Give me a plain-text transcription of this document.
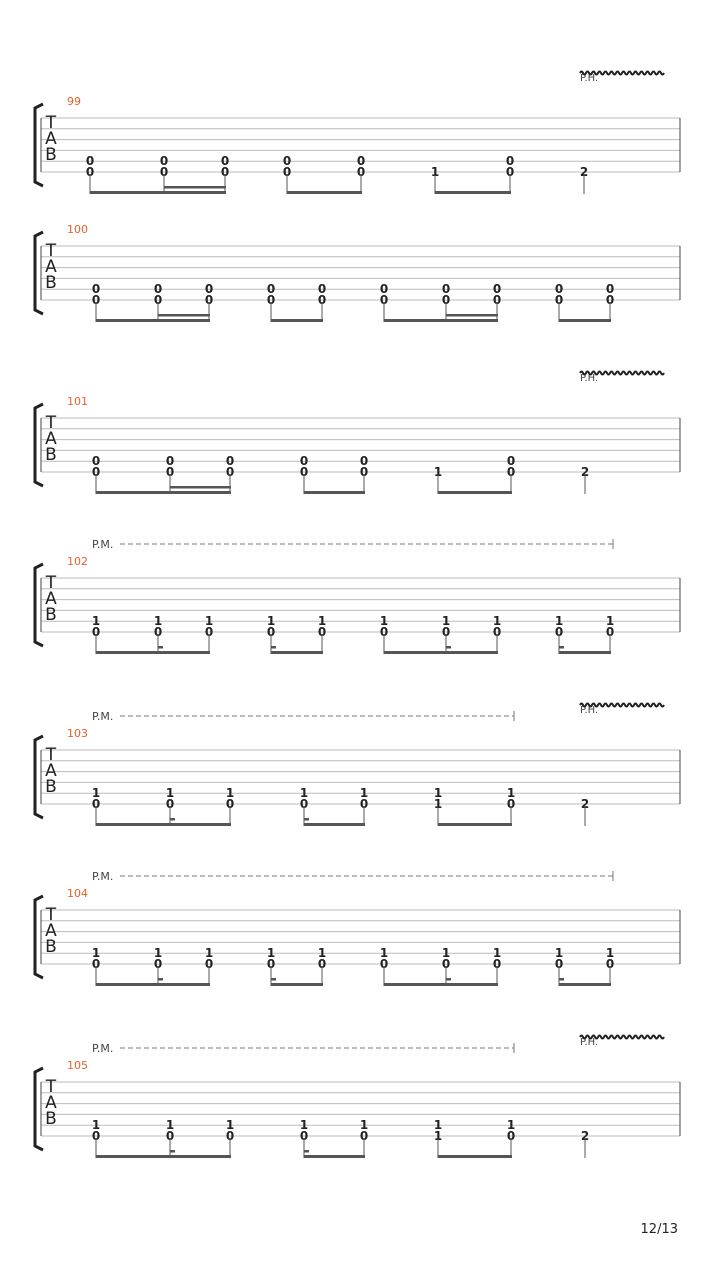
T
A
B
99
0
0
0
0
0
0
0
0
0
0	1
0
0	2
P.H.
T
A
B
100
0
0
0
0
0
0
0
0
0
0
0
0
0
0
0
0
0
0
0
0
T
A
B
101
0
0
0
0
0
0
0
0
0
0	1
0
0	2
P.H.
T
A
B
102
1
0
1
0
1
0
1
0
1
0
1
0
1
0
1
0
1
0
1
0
P.M.
T
A
B
103
1
0
1
0
1
0
1
0
1
0
1
1
1
0	2
P.M.	P.H.
T
A
B
104
1
0
1
0
1
0
1
0
1
0
1
0
1
0
1
0
1
0
1
0
P.M.
T
A
B
105
1
0
1
0
1
0
1
0
1
0
1
1
1
0	2
P.M.	P.H.
12/13
